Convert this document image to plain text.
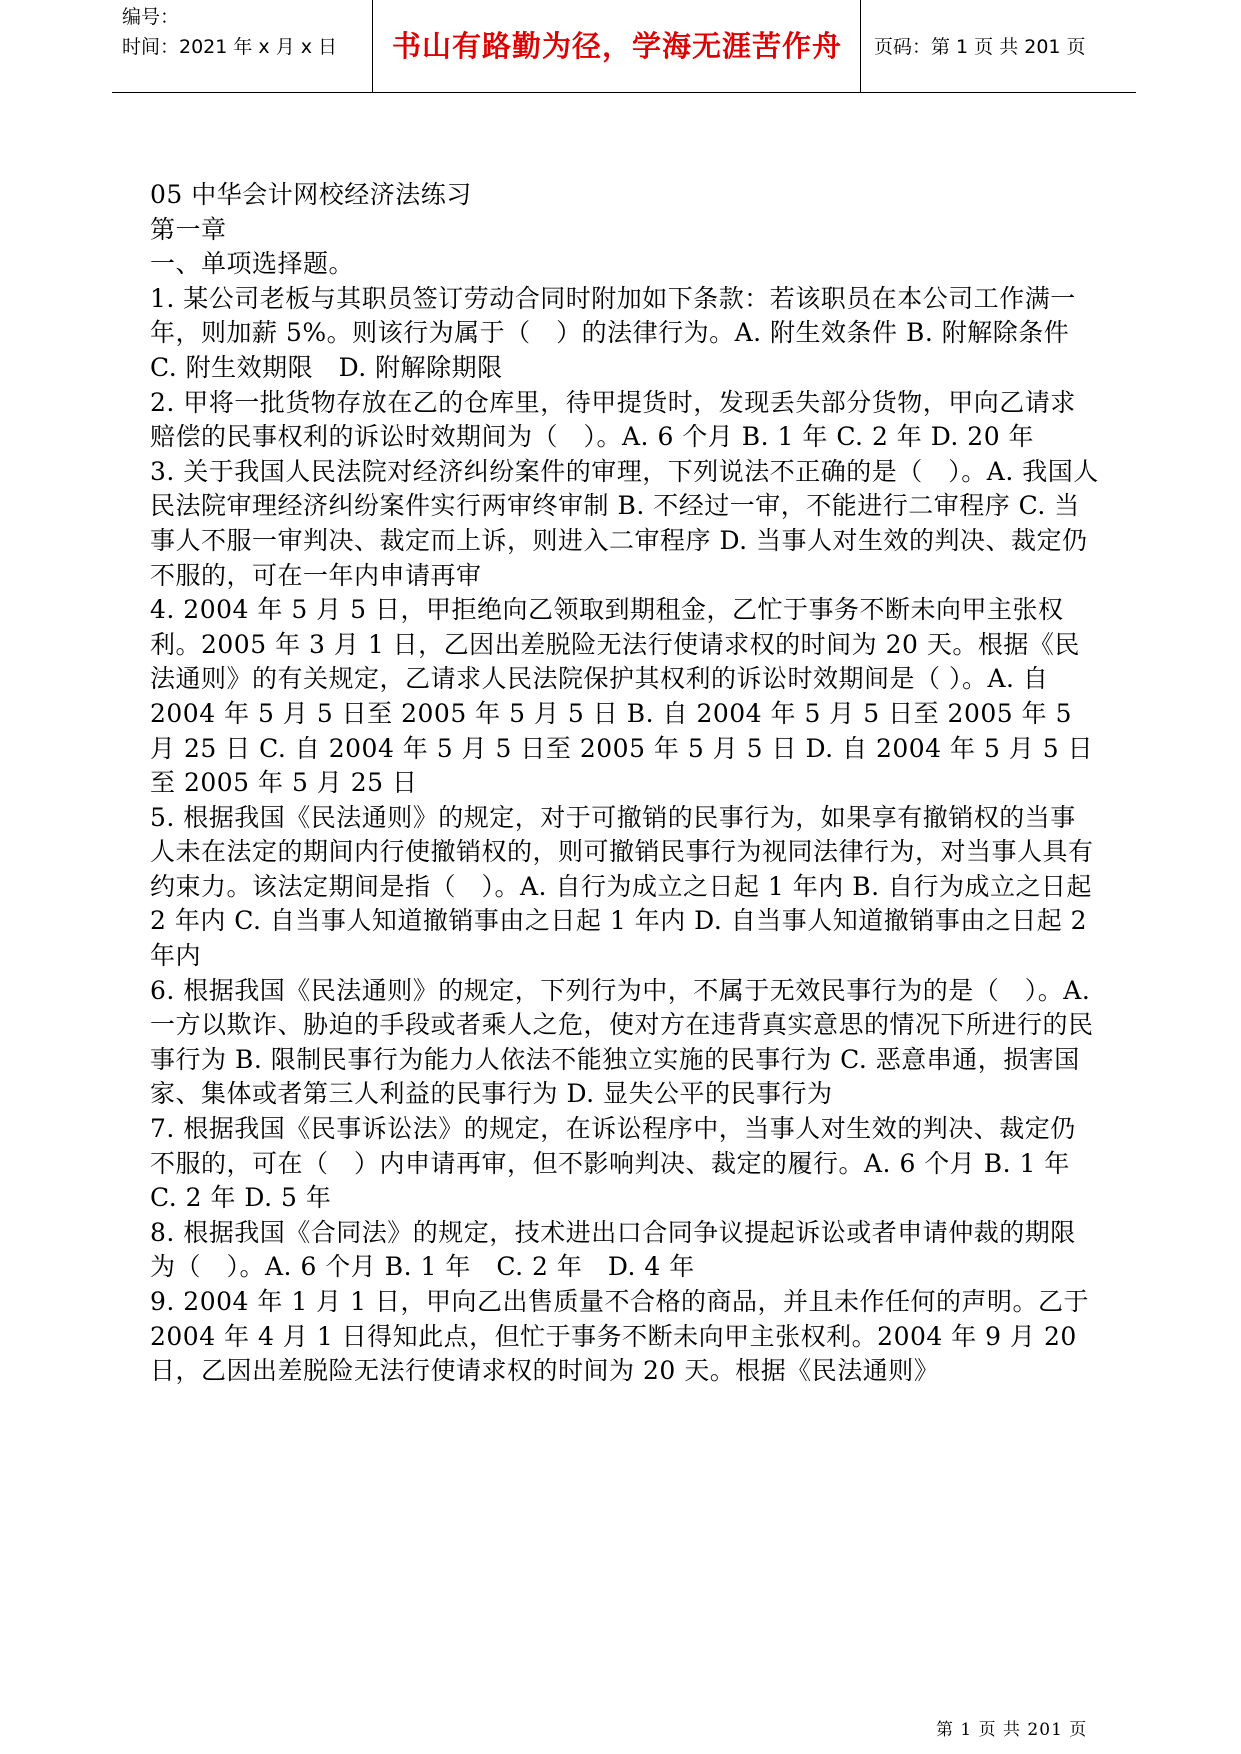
编号：
时间：2021 年 x 月 x 日	书山有路勤为径，学海无涯苦作舟	页码：第 1 页 共 201 页

05 中华会计网校经济法练习

第一章

一、单项选择题。

1. 某公司老板与其职员签订劳动合同时附加如下条款：若该职员在本公司工作满一年，则加薪 5%。则该行为属于（　）的法律行为。A. 附生效条件 B. 附解除条件 C. 附生效期限　D. 附解除期限

2. 甲将一批货物存放在乙的仓库里，待甲提货时，发现丢失部分货物，甲向乙请求赔偿的民事权利的诉讼时效期间为（　）。A. 6 个月 B. 1 年 C. 2 年 D. 20 年

3. 关于我国人民法院对经济纠纷案件的审理，下列说法不正确的是（　）。A. 我国人民法院审理经济纠纷案件实行两审终审制 B. 不经过一审，不能进行二审程序 C. 当事人不服一审判决、裁定而上诉，则进入二审程序 D. 当事人对生效的判决、裁定仍不服的，可在一年内申请再审

4. 2004 年 5 月 5 日，甲拒绝向乙领取到期租金，乙忙于事务不断未向甲主张权利。2005 年 3 月 1 日，乙因出差脱险无法行使请求权的时间为 20 天。根据《民法通则》的有关规定，乙请求人民法院保护其权利的诉讼时效期间是（ ）。A. 自 2004 年 5 月 5 日至 2005 年 5 月 5 日 B. 自 2004 年 5 月 5 日至 2005 年 5 月 25 日 C. 自 2004 年 5 月 5 日至 2005 年 5 月 5 日 D. 自 2004 年 5 月 5 日至 2005 年 5 月 25 日

5. 根据我国《民法通则》的规定，对于可撤销的民事行为，如果享有撤销权的当事人未在法定的期间内行使撤销权的，则可撤销民事行为视同法律行为，对当事人具有约束力。该法定期间是指（　）。A. 自行为成立之日起 1 年内 B. 自行为成立之日起 2 年内 C. 自当事人知道撤销事由之日起 1 年内 D. 自当事人知道撤销事由之日起 2 年内

6. 根据我国《民法通则》的规定，下列行为中，不属于无效民事行为的是（　）。A. 一方以欺诈、胁迫的手段或者乘人之危，使对方在违背真实意思的情况下所进行的民事行为 B. 限制民事行为能力人依法不能独立实施的民事行为 C. 恶意串通，损害国家、集体或者第三人利益的民事行为 D. 显失公平的民事行为

7. 根据我国《民事诉讼法》的规定，在诉讼程序中，当事人对生效的判决、裁定仍不服的，可在（　）内申请再审，但不影响判决、裁定的履行。A. 6 个月 B. 1 年 C. 2 年 D. 5 年

8. 根据我国《合同法》的规定，技术进出口合同争议提起诉讼或者申请仲裁的期限为（　）。A. 6 个月 B. 1 年　C. 2 年　D. 4 年

9. 2004 年 1 月 1 日，甲向乙出售质量不合格的商品，并且未作任何的声明。乙于 2004 年 4 月 1 日得知此点，但忙于事务不断未向甲主张权利。2004 年 9 月 20 日，乙因出差脱险无法行使请求权的时间为 20 天。根据《民法通则》

第 1 页 共 201 页
